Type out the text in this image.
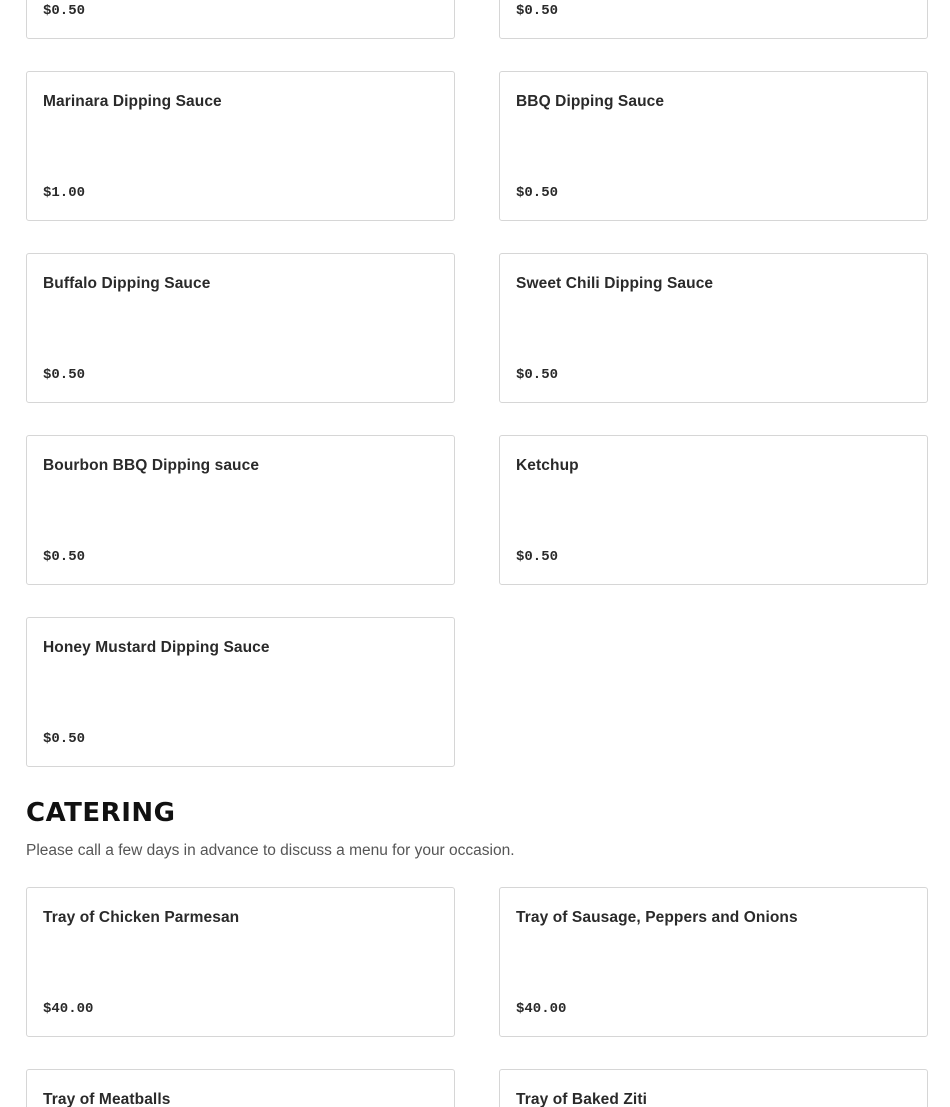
$0.50	$0.50
Marinara Dipping Sauce
$1.00
BBQ Dipping Sauce
$0.50
Buffalo Dipping Sauce
$0.50
Sweet Chili Dipping Sauce
$0.50
Bourbon BBQ Dipping sauce
$0.50
Ketchup
$0.50
Honey Mustard Dipping Sauce
$0.50
CATERING

Please call a few days in advance to discuss a menu for your occasion.

Tray of Chicken Parmesan
$40.00
Tray of Sausage, Peppers and Onions
$40.00
Tray of Meatballs	Tray of Baked Ziti
